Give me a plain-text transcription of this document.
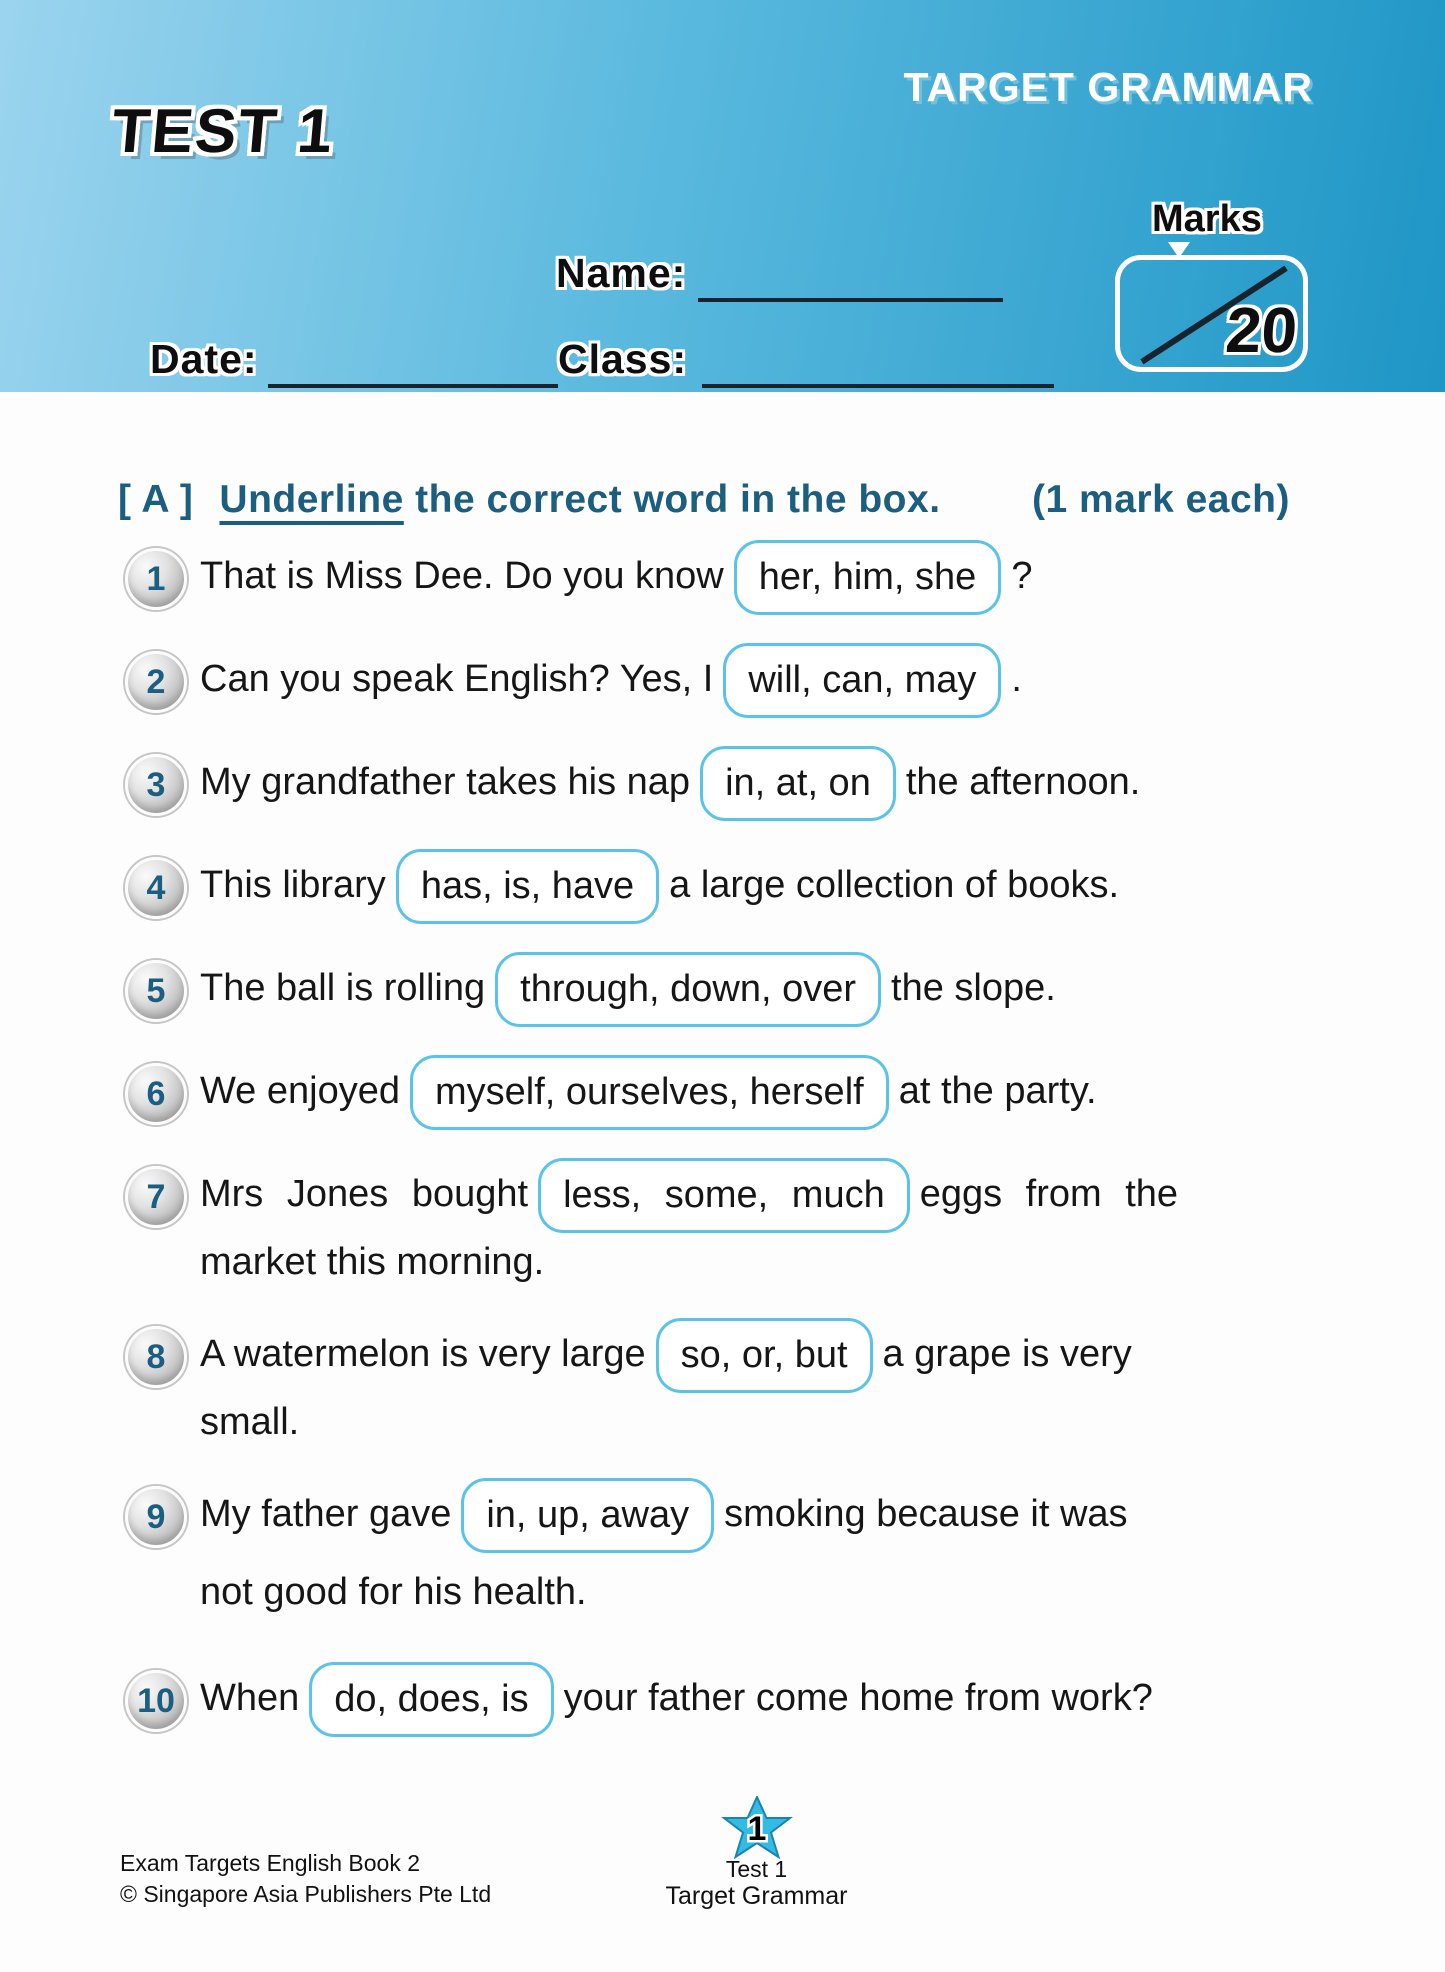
TEST 1
TARGET GRAMMAR
Name:
Date:	Class:
Marks
20
[ A ] Underline the correct word in the box.	(1 mark each)
1 That is Miss Dee. Do you know her, him, she ?
2 Can you speak English? Yes, I will, can, may .
3 My grandfather takes his nap in, at, on the afternoon.
4 This library has, is, have a large collection of books.
5 The ball is rolling through, down, over the slope.
6 We enjoyed myself, ourselves, herself at the party.
7 Mrs Jones bought less, some, much eggs from the
market this morning.
8 A watermelon is very large so, or, but a grape is very
small.
9 My father gave in, up, away smoking because it was
not good for his health.
10 When do, does, is your father come home from work?
Exam Targets English Book 2
© Singapore Asia Publishers Pte Ltd
1
Test 1
Target Grammar
